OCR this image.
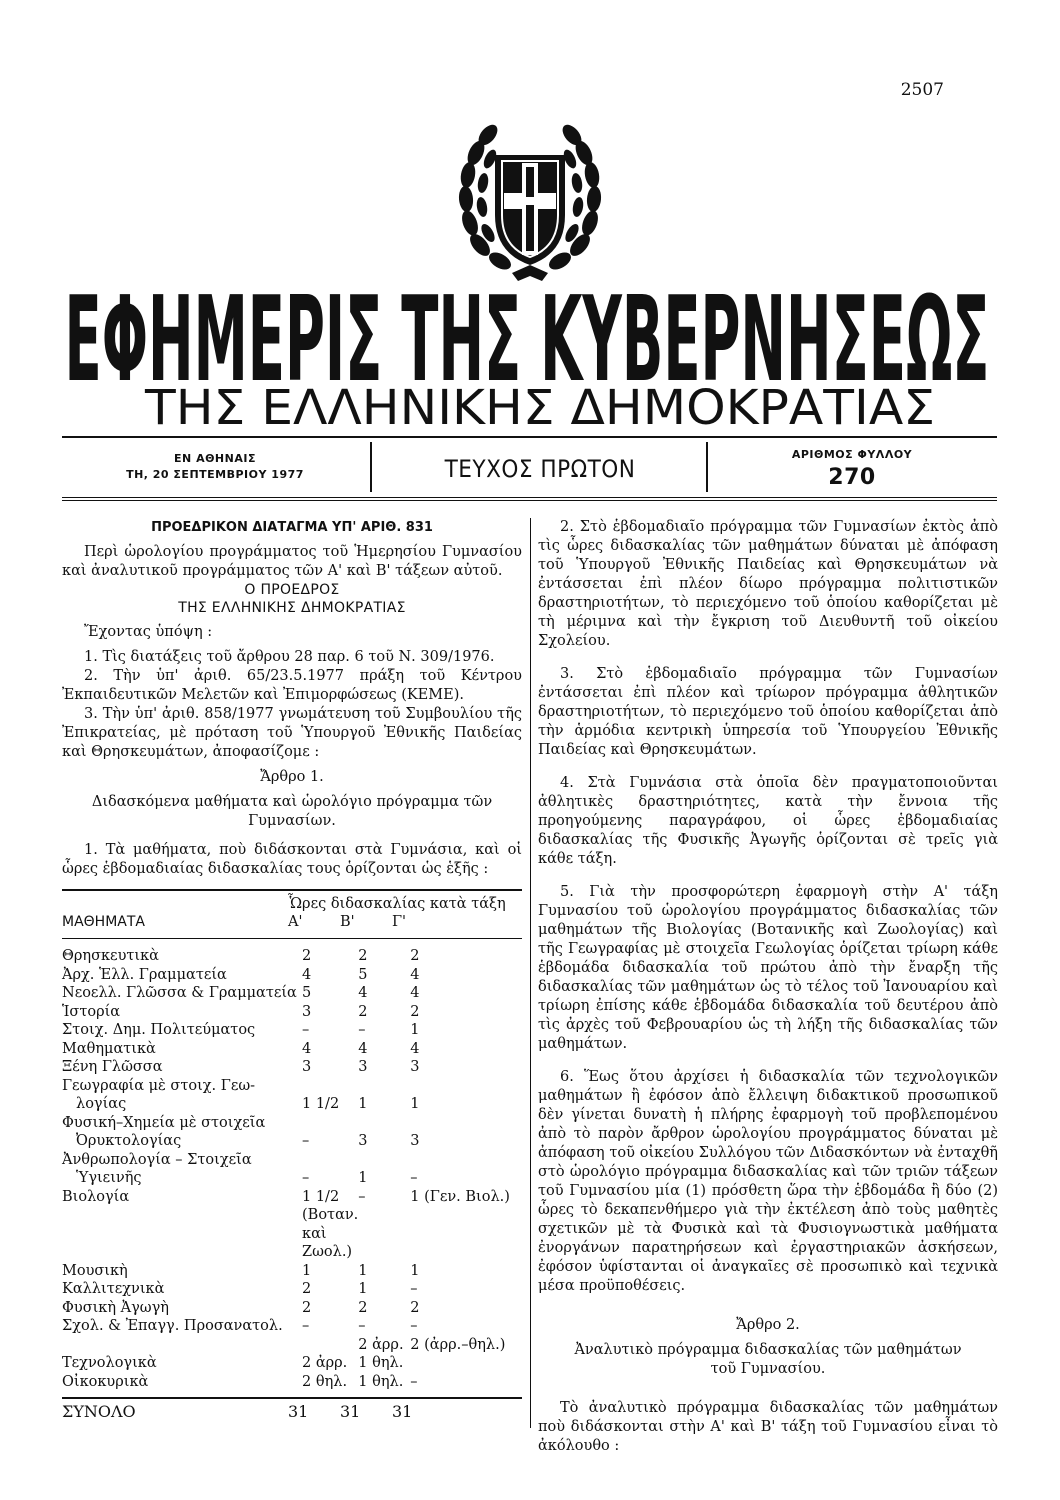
2507
ΕΦΗΜΕΡΙΣ ΤΗΣ ΚΥΒΕΡΝΗΣΕΩΣ
ΤΗΣ ΕΛΛΗΝΙΚΗΣ ΔΗΜΟΚΡΑΤΙΑΣ
ΕΝ ΑΘΗΝΑΙΣ
ΤΗ, 20 ΣΕΠΤΕΜΒΡΙΟΥ 1977	ΤΕΥΧΟΣ ΠΡΩΤΟΝ
ΑΡΙΘΜΟΣ ΦΥΛΛΟΥ
270
ΠΡΟΕΔΡΙΚΟΝ ΔΙΑΤΑΓΜΑ ΥΠ' ΑΡΙΘ. 831

Περὶ ὡρολογίου προγράμματος τοῦ Ἡμερησίου Γυμνασίου καὶ ἀναλυτικοῦ προγράμματος τῶν Α' καὶ Β' τάξεων αὐτοῦ.

Ο ΠΡΟΕΔΡΟΣ
ΤΗΣ ΕΛΛΗΝΙΚΗΣ ΔΗΜΟΚΡΑΤΙΑΣ

Ἔχοντας ὑπόψη :

1. Τὶς διατάξεις τοῦ ἄρθρου 28 παρ. 6 τοῦ Ν. 309/1976.

2. Τὴν ὑπ' ἀριθ. 65/23.5.1977 πράξη τοῦ Κέντρου Ἐκπαιδευτικῶν Μελετῶν καὶ Ἐπιμορφώσεως (ΚΕΜΕ).

3. Τὴν ὑπ' ἀριθ. 858/1977 γνωμάτευση τοῦ Συμβουλίου τῆς Ἐπικρατείας, μὲ πρόταση τοῦ Ὑπουργοῦ Ἐθνικῆς Παιδείας καὶ Θρησκευμάτων, ἀποφασίζομε :

Ἄρθρο 1.
Διδασκόμενα μαθήματα καὶ ὡρολόγιο πρόγραμμα τῶν Γυμνασίων.

1. Τὰ μαθήματα, ποὺ διδάσκονται στὰ Γυμνάσια, καὶ οἱ ὧρες ἑβδομαδιαίας διδασκαλίας τους ὁρίζονται ὡς ἑξῆς :

	Ὧρες διδασκαλίας κατὰ τάξη		
ΜΑΘΗΜΑΤΑ	Α'	Β'	Γ'
Θρησκευτικὰ	2	2	2
Ἀρχ. Ἑλλ. Γραμματεία	4	5	4
Νεοελλ. Γλῶσσα & Γραμματεία	5	4	4
Ἱστορία	3	2	2
Στοιχ. Δημ. Πολιτεύματος	–	–	1
Μαθηματικὰ	4	4	4
Ξένη Γλῶσσα	3	3	3
Γεωγραφία μὲ στοιχ. Γεω-			
λογίας	1 1/2	1	1
Φυσική–Χημεία μὲ στοιχεῖα			
Ὀρυκτολογίας	–	3	3
Ἀνθρωπολογία – Στοιχεῖα			
Ὑγιεινῆς	–	1	–
Βιολογία	1 1/2	–	1 (Γεν. Βιολ.)
	(Βοταν. καὶ Ζωολ.)		
Μουσικὴ	1	1	1
Καλλιτεχνικὰ	2	1	–
Φυσικὴ Ἀγωγὴ	2	2	2
Σχολ. & Ἐπαγγ. Προσανατολ.	–	–	–
		2 ἀρρ.	2 (ἀρρ.–θηλ.)
Τεχνολογικὰ	2 ἀρρ.	1 θηλ.	
Οἰκοκυρικὰ	2 θηλ.	1 θηλ.	–
ΣΥΝΟΛΟ	31	31	31

2. Στὸ ἑβδομαδιαῖο πρόγραμμα τῶν Γυμνασίων ἐκτὸς ἀπὸ τὶς ὧρες διδασκαλίας τῶν μαθημάτων δύναται μὲ ἀπόφαση τοῦ Ὑπουργοῦ Ἐθνικῆς Παιδείας καὶ Θρησκευμάτων νὰ ἐντάσσεται ἐπὶ πλέον δίωρο πρόγραμμα πολιτιστικῶν δραστηριοτήτων, τὸ περιεχόμενο τοῦ ὁποίου καθορίζεται μὲ τὴ μέριμνα καὶ τὴν ἔγκριση τοῦ Διευθυντῆ τοῦ οἰκείου Σχολείου.

3. Στὸ ἑβδομαδιαῖο πρόγραμμα τῶν Γυμνασίων ἐντάσσεται ἐπὶ πλέον καὶ τρίωρον πρόγραμμα ἀθλητικῶν δραστηριοτήτων, τὸ περιεχόμενο τοῦ ὁποίου καθορίζεται ἀπὸ τὴν ἁρμόδια κεντρικὴ ὑπηρεσία τοῦ Ὑπουργείου Ἐθνικῆς Παιδείας καὶ Θρησκευμάτων.

4. Στὰ Γυμνάσια στὰ ὁποῖα δὲν πραγματοποιοῦνται ἀθλητικὲς δραστηριότητες, κατὰ τὴν ἔννοια τῆς προηγούμενης παραγράφου, οἱ ὧρες ἑβδομαδιαίας διδασκαλίας τῆς Φυσικῆς Ἀγωγῆς ὁρίζονται σὲ τρεῖς γιὰ κάθε τάξη.

5. Γιὰ τὴν προσφορώτερη ἐφαρμογὴ στὴν Α' τάξη Γυμνασίου τοῦ ὡρολογίου προγράμματος διδασκαλίας τῶν μαθημάτων τῆς Βιολογίας (Βοτανικῆς καὶ Ζωολογίας) καὶ τῆς Γεωγραφίας μὲ στοιχεῖα Γεωλογίας ὁρίζεται τρίωρη κάθε ἑβδομάδα διδασκαλία τοῦ πρώτου ἀπὸ τὴν ἔναρξη τῆς διδασκαλίας τῶν μαθημάτων ὡς τὸ τέλος τοῦ Ἰανουαρίου καὶ τρίωρη ἐπίσης κάθε ἑβδομάδα διδασκαλία τοῦ δευτέρου ἀπὸ τὶς ἀρχὲς τοῦ Φεβρουαρίου ὡς τὴ λήξη τῆς διδασκαλίας τῶν μαθημάτων.

6. Ἕως ὅτου ἀρχίσει ἡ διδασκαλία τῶν τεχνολογικῶν μαθημάτων ἢ ἐφόσον ἀπὸ ἔλλειψη διδακτικοῦ προσωπικοῦ δὲν γίνεται δυνατὴ ἡ πλήρης ἐφαρμογὴ τοῦ προβλεπομένου ἀπὸ τὸ παρὸν ἄρθρον ὡρολογίου προγράμματος δύναται μὲ ἀπόφαση τοῦ οἰκείου Συλλόγου τῶν Διδασκόντων νὰ ἐνταχθῆ στὸ ὡρολόγιο πρόγραμμα διδασκαλίας καὶ τῶν τριῶν τάξεων τοῦ Γυμνασίου μία (1) πρόσθετη ὥρα τὴν ἑβδομάδα ἢ δύο (2) ὧρες τὸ δεκαπενθήμερο γιὰ τὴν ἐκτέλεση ἀπὸ τοὺς μαθητὲς σχετικῶν μὲ τὰ Φυσικὰ καὶ τὰ Φυσιογνωστικὰ μαθήματα ἐνοργάνων παρατηρήσεων καὶ ἐργαστηριακῶν ἀσκήσεων, ἐφόσον ὑφίστανται οἱ ἀναγκαῖες σὲ προσωπικὸ καὶ τεχνικὰ μέσα προϋποθέσεις.

Ἄρθρο 2.
Ἀναλυτικὸ πρόγραμμα διδασκαλίας τῶν μαθημάτων τοῦ Γυμνασίου.

Τὸ ἀναλυτικὸ πρόγραμμα διδασκαλίας τῶν μαθημάτων ποὺ διδάσκονται στὴν Α' καὶ Β' τάξη τοῦ Γυμνασίου εἶναι τὸ ἀκόλουθο :
